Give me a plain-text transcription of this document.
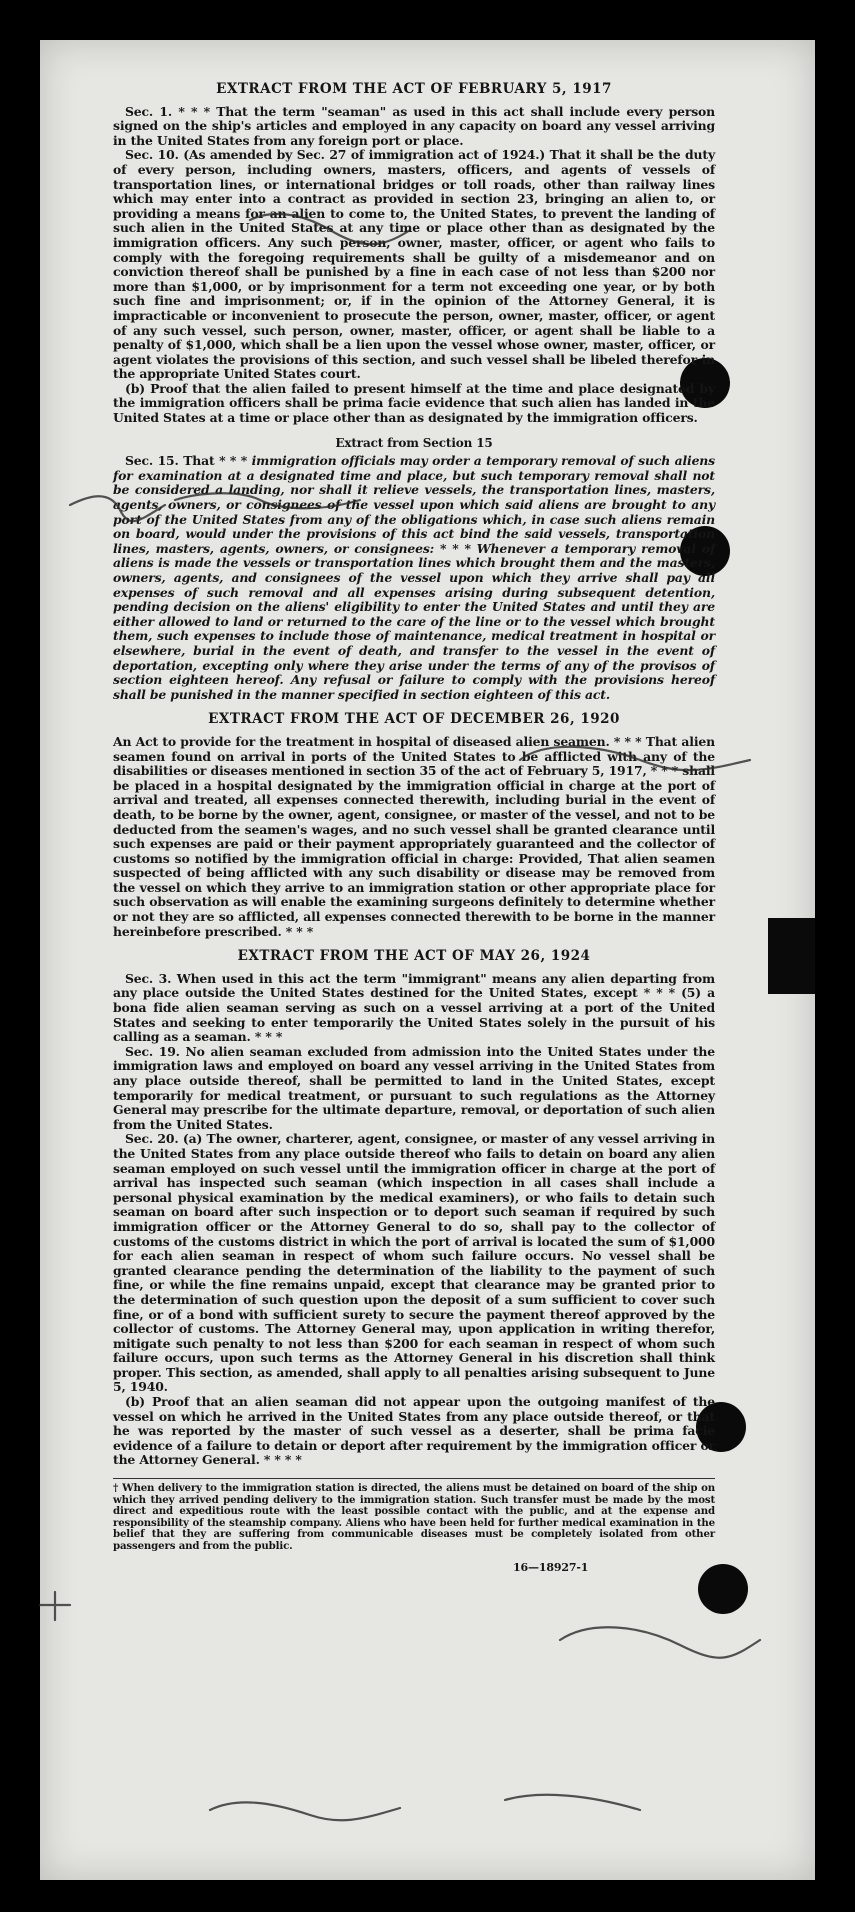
EXTRACT FROM THE ACT OF FEBRUARY 5, 1917

Sec. 1. * * * That the term "seaman" as used in this act shall include every person signed on the ship's articles and employed in any capacity on board any vessel arriving in the United States from any foreign port or place.

Sec. 10. (As amended by Sec. 27 of immigration act of 1924.) That it shall be the duty of every person, including owners, masters, officers, and agents of vessels of transportation lines, or international bridges or toll roads, other than railway lines which may enter into a contract as provided in section 23, bringing an alien to, or providing a means for an alien to come to, the United States, to prevent the landing of such alien in the United States at any time or place other than as designated by the immigration officers. Any such person, owner, master, officer, or agent who fails to comply with the foregoing requirements shall be guilty of a misdemeanor and on conviction thereof shall be punished by a fine in each case of not less than $200 nor more than $1,000, or by imprisonment for a term not exceeding one year, or by both such fine and imprisonment; or, if in the opinion of the Attorney General, it is impracticable or inconvenient to prosecute the person, owner, master, officer, or agent of any such vessel, such person, owner, master, officer, or agent shall be liable to a penalty of $1,000, which shall be a lien upon the vessel whose owner, master, officer, or agent violates the provisions of this section, and such vessel shall be libeled therefor in the appropriate United States court.

(b) Proof that the alien failed to present himself at the time and place designated by the immigration officers shall be prima facie evidence that such alien has landed in the United States at a time or place other than as designated by the immigration officers.

Extract from Section 15

Sec. 15. That * * * immigration officials may order a temporary removal of such aliens for examination at a designated time and place, but such temporary removal shall not be considered a landing, nor shall it relieve vessels, the transportation lines, masters, agents, owners, or consignees of the vessel upon which said aliens are brought to any port of the United States from any of the obligations which, in case such aliens remain on board, would under the provisions of this act bind the said vessels, transportation lines, masters, agents, owners, or consignees: * * * Whenever a temporary removal of aliens is made the vessels or transportation lines which brought them and the masters, owners, agents, and consignees of the vessel upon which they arrive shall pay all expenses of such removal and all expenses arising during subsequent detention, pending decision on the aliens' eligibility to enter the United States and until they are either allowed to land or returned to the care of the line or to the vessel which brought them, such expenses to include those of maintenance, medical treatment in hospital or elsewhere, burial in the event of death, and transfer to the vessel in the event of deportation, excepting only where they arise under the terms of any of the provisos of section eighteen hereof. Any refusal or failure to comply with the provisions hereof shall be punished in the manner specified in section eighteen of this act.

EXTRACT FROM THE ACT OF DECEMBER 26, 1920

An Act to provide for the treatment in hospital of diseased alien seamen. * * * That alien seamen found on arrival in ports of the United States to be afflicted with any of the disabilities or diseases mentioned in section 35 of the act of February 5, 1917, * * * shall be placed in a hospital designated by the immigration official in charge at the port of arrival and treated, all expenses connected therewith, including burial in the event of death, to be borne by the owner, agent, consignee, or master of the vessel, and not to be deducted from the seamen's wages, and no such vessel shall be granted clearance until such expenses are paid or their payment appropriately guaranteed and the collector of customs so notified by the immigration official in charge: Provided, That alien seamen suspected of being afflicted with any such disability or disease may be removed from the vessel on which they arrive to an immigration station or other appropriate place for such observation as will enable the examining surgeons definitely to determine whether or not they are so afflicted, all expenses connected therewith to be borne in the manner hereinbefore prescribed. * * *

EXTRACT FROM THE ACT OF MAY 26, 1924

Sec. 3. When used in this act the term "immigrant" means any alien departing from any place outside the United States destined for the United States, except * * * (5) a bona fide alien seaman serving as such on a vessel arriving at a port of the United States and seeking to enter temporarily the United States solely in the pursuit of his calling as a seaman. * * *

Sec. 19. No alien seaman excluded from admission into the United States under the immigration laws and employed on board any vessel arriving in the United States from any place outside thereof, shall be permitted to land in the United States, except temporarily for medical treatment, or pursuant to such regulations as the Attorney General may prescribe for the ultimate departure, removal, or deportation of such alien from the United States.

Sec. 20. (a) The owner, charterer, agent, consignee, or master of any vessel arriving in the United States from any place outside thereof who fails to detain on board any alien seaman employed on such vessel until the immigration officer in charge at the port of arrival has inspected such seaman (which inspection in all cases shall include a personal physical examination by the medical examiners), or who fails to detain such seaman on board after such inspection or to deport such seaman if required by such immigration officer or the Attorney General to do so, shall pay to the collector of customs of the customs district in which the port of arrival is located the sum of $1,000 for each alien seaman in respect of whom such failure occurs. No vessel shall be granted clearance pending the determination of the liability to the payment of such fine, or while the fine remains unpaid, except that clearance may be granted prior to the determination of such question upon the deposit of a sum sufficient to cover such fine, or of a bond with sufficient surety to secure the payment thereof approved by the collector of customs. The Attorney General may, upon application in writing therefor, mitigate such penalty to not less than $200 for each seaman in respect of whom such failure occurs, upon such terms as the Attorney General in his discretion shall think proper. This section, as amended, shall apply to all penalties arising subsequent to June 5, 1940.

(b) Proof that an alien seaman did not appear upon the outgoing manifest of the vessel on which he arrived in the United States from any place outside thereof, or that he was reported by the master of such vessel as a deserter, shall be prima facie evidence of a failure to detain or deport after requirement by the immigration officer or the Attorney General. * * * *

† When delivery to the immigration station is directed, the aliens must be detained on board of the ship on which they arrived pending delivery to the immigration station. Such transfer must be made by the most direct and expeditious route with the least possible contact with the public, and at the expense and responsibility of the steamship company. Aliens who have been held for further medical examination in the belief that they are suffering from communicable diseases must be completely isolated from other passengers and from the public.
16—18927-1
